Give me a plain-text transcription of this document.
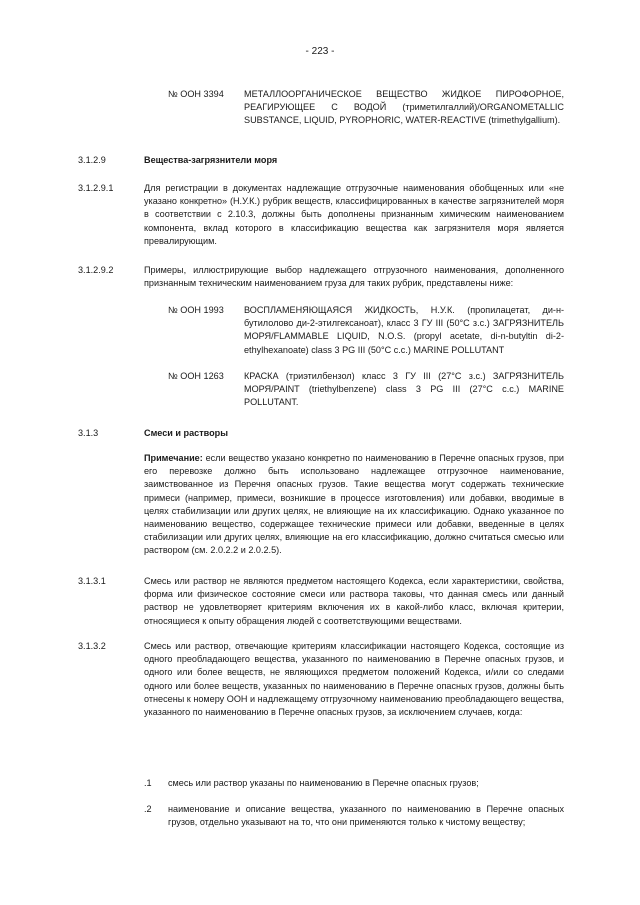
- 223 -
№ ООН 3394	МЕТАЛЛООРГАНИЧЕСКОЕ ВЕЩЕСТВО ЖИДКОЕ ПИРОФОРНОЕ, РЕАГИРУЮЩЕЕ С ВОДОЙ (триметилгаллий)/ORGANOMETALLIC SUBSTANCE, LIQUID, PYROPHORIC, WATER-REACTIVE (trimethylgallium).
3.1.2.9	Вещества-загрязнители моря
3.1.2.9.1	Для регистрации в документах надлежащие отгрузочные наименования обобщенных или «не указано конкретно» (Н.У.К.) рубрик веществ, классифицированных в качестве загрязнителей моря в соответствии с 2.10.3, должны быть дополнены признанным химическим наименованием компонента, вклад которого в классификацию вещества как загрязнителя моря является превалирующим.
3.1.2.9.2	Примеры, иллюстрирующие выбор надлежащего отгрузочного наименования, дополненного признанным техническим наименованием груза для таких рубрик, представлены ниже:
№ ООН 1993	ВОСПЛАМЕНЯЮЩАЯСЯ ЖИДКОСТЬ, Н.У.К. (пропилацетат, ди-н-бутилолово ди-2-этилгексаноат), класс 3 ГУ III (50°C з.с.) ЗАГРЯЗНИТЕЛЬ МОРЯ/FLAMMABLE LIQUID, N.O.S. (propyl acetate, di-n-butyltin di-2-ethylhexanoate) class 3 PG III (50°C c.c.) MARINE POLLUTANT
№ ООН 1263	КРАСКА (триэтилбензол) класс 3 ГУ III (27°C з.с.) ЗАГРЯЗНИТЕЛЬ МОРЯ/PAINT (triethylbenzene) class 3 PG III (27°C c.c.) MARINE POLLUTANT.
3.1.3	Смеси и растворы
Примечание: если вещество указано конкретно по наименованию в Перечне опасных грузов, при его перевозке должно быть использовано надлежащее отгрузочное наименование, заимствованное из Перечня опасных грузов. Такие вещества могут содержать технические примеси (например, примеси, возникшие в процессе изготовления) или добавки, вводимые в целях стабилизации или других целях, не влияющие на их классификацию. Однако указанное по наименованию вещество, содержащее технические примеси или добавки, введенные в целях стабилизации или других целях, влияющие на его классификацию, должно считаться смесью или раствором (см. 2.0.2.2 и 2.0.2.5).
3.1.3.1	Смесь или раствор не являются предметом настоящего Кодекса, если характеристики, свойства, форма или физическое состояние смеси или раствора таковы, что данная смесь или данный раствор не удовлетворяет критериям включения их в какой-либо класс, включая критерии, относящиеся к опыту обращения людей с соответствующими веществами.
3.1.3.2	Смесь или раствор, отвечающие критериям классификации настоящего Кодекса, состоящие из одного преобладающего вещества, указанного по наименованию в Перечне опасных грузов, и одного или более веществ, не являющихся предметом положений Кодекса, и/или со следами одного или более веществ, указанных по наименованию в Перечне опасных грузов, должны быть отнесены к номеру ООН и надлежащему отгрузочному наименованию преобладающего вещества, указанного по наименованию в Перечне опасных грузов, за исключением случаев, когда:
.1	смесь или раствор указаны по наименованию в Перечне опасных грузов;
.2	наименование и описание вещества, указанного по наименованию в Перечне опасных грузов, отдельно указывают на то, что они применяются только к чистому веществу;
